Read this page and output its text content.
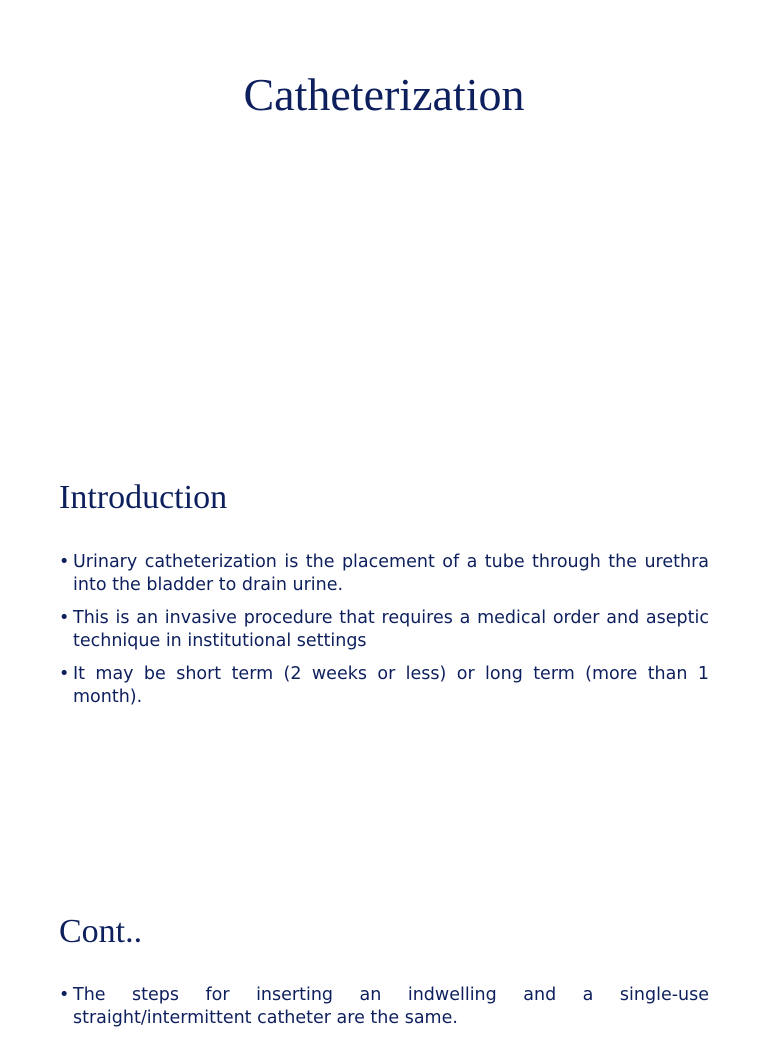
Catheterization
Introduction
• Urinary catheterization is the placement of a tube through the urethra into the bladder to drain urine.
• This is an invasive procedure that requires a medical order and aseptic technique in institutional settings
• It may be short term (2 weeks or less) or long term (more than 1 month).
Cont..
• The steps for inserting an indwelling and a single-use straight/intermittent catheter are the same.
